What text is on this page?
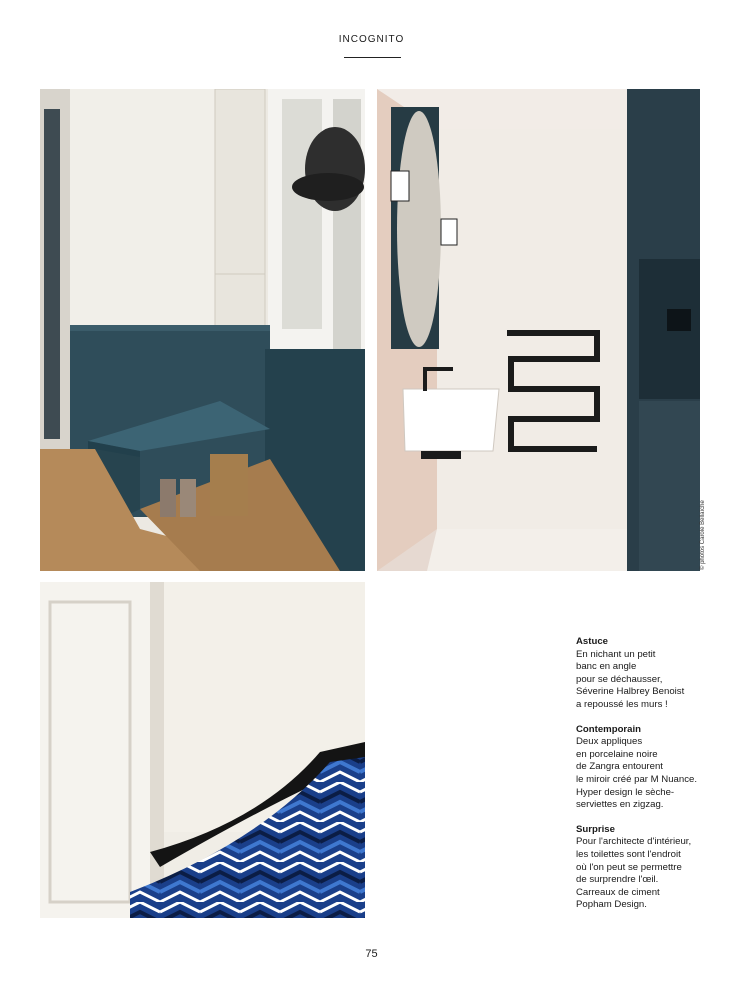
INCOGNITO
© photos Carole Bellaïche
Astuce
En nichant un petit
banc en angle
pour se déchausser,
Séverine Halbrey Benoist
a repoussé les murs !
Contemporain
Deux appliques
en porcelaine noire
de Zangra entourent
le miroir créé par M Nuance.
Hyper design le sèche-
serviettes en zigzag.
Surprise
Pour l'architecte d'intérieur,
les toilettes sont l'endroit
où l'on peut se permettre
de surprendre l'œil.
Carreaux de ciment
Popham Design.
75
